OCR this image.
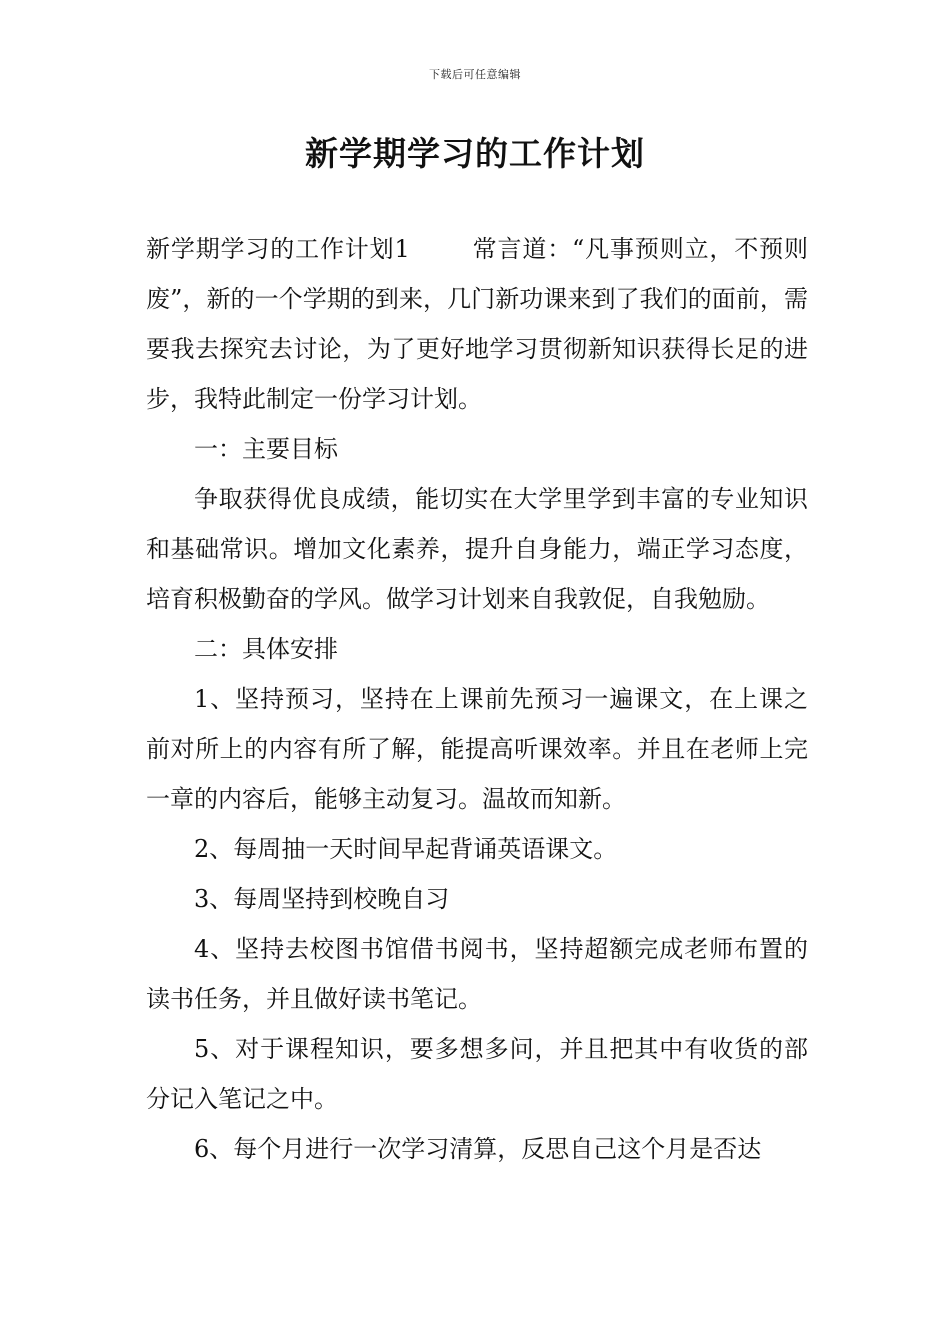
下载后可任意编辑
新学期学习的工作计划

新学期学习的工作计划1	常言道：“凡事预则立，不预则废”，新的一个学期的到来，几门新功课来到了我们的面前，需要我去探究去讨论，为了更好地学习贯彻新知识获得长足的进步，我特此制定一份学习计划。

一：主要目标

争取获得优良成绩，能切实在大学里学到丰富的专业知识和基础常识。增加文化素养，提升自身能力，端正学习态度，培育积极勤奋的学风。做学习计划来自我敦促，自我勉励。

二：具体安排

1、坚持预习，坚持在上课前先预习一遍课文，在上课之前对所上的内容有所了解，能提高听课效率。并且在老师上完一章的内容后，能够主动复习。温故而知新。

2、每周抽一天时间早起背诵英语课文。

3、每周坚持到校晚自习

4、坚持去校图书馆借书阅书，坚持超额完成老师布置的读书任务，并且做好读书笔记。

5、对于课程知识，要多想多问，并且把其中有收货的部分记入笔记之中。

6、每个月进行一次学习清算，反思自己这个月是否达
